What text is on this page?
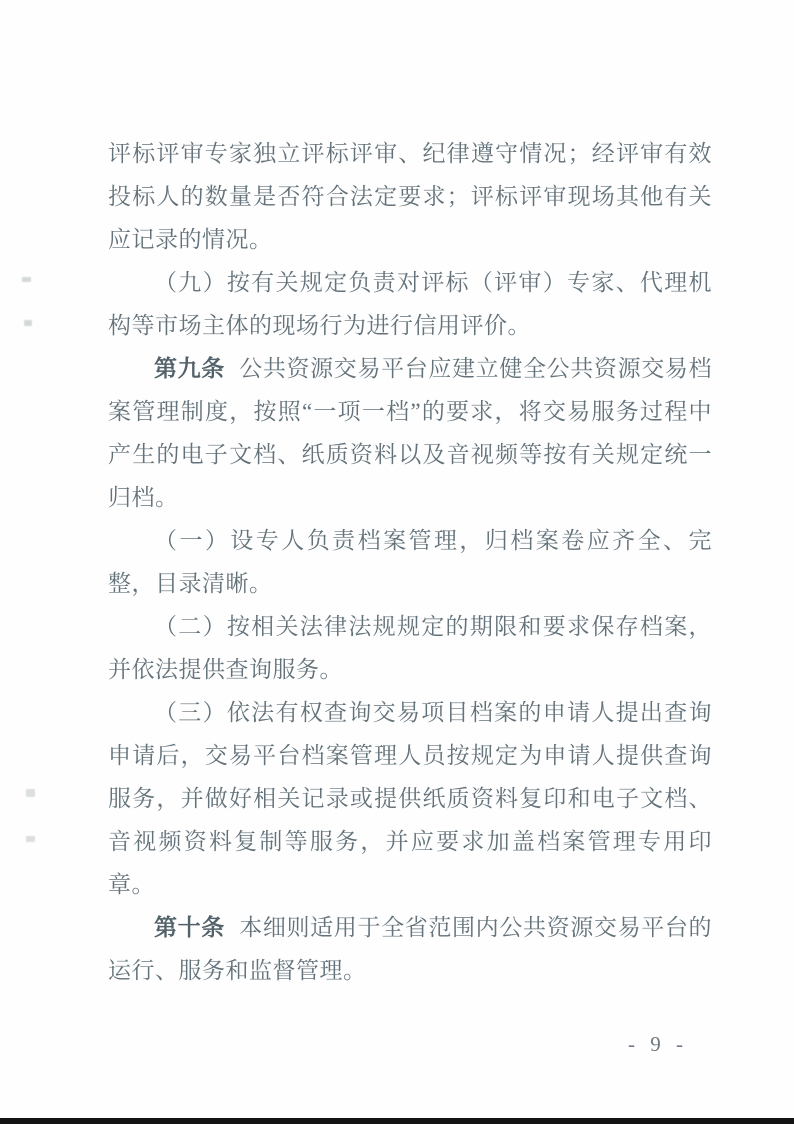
评标评审专家独立评标评审、纪律遵守情况；经评审有效投标人的数量是否符合法定要求；评标评审现场其他有关应记录的情况。

（九）按有关规定负责对评标（评审）专家、代理机构等市场主体的现场行为进行信用评价。

第九条 公共资源交易平台应建立健全公共资源交易档案管理制度，按照“一项一档”的要求，将交易服务过程中产生的电子文档、纸质资料以及音视频等按有关规定统一归档。

（一）设专人负责档案管理，归档案卷应齐全、完整，目录清晰。

（二）按相关法律法规规定的期限和要求保存档案，并依法提供查询服务。

（三）依法有权查询交易项目档案的申请人提出查询申请后，交易平台档案管理人员按规定为申请人提供查询服务，并做好相关记录或提供纸质资料复印和电子文档、音视频资料复制等服务，并应要求加盖档案管理专用印章。

第十条 本细则适用于全省范围内公共资源交易平台的运行、服务和监督管理。

- 9 -
